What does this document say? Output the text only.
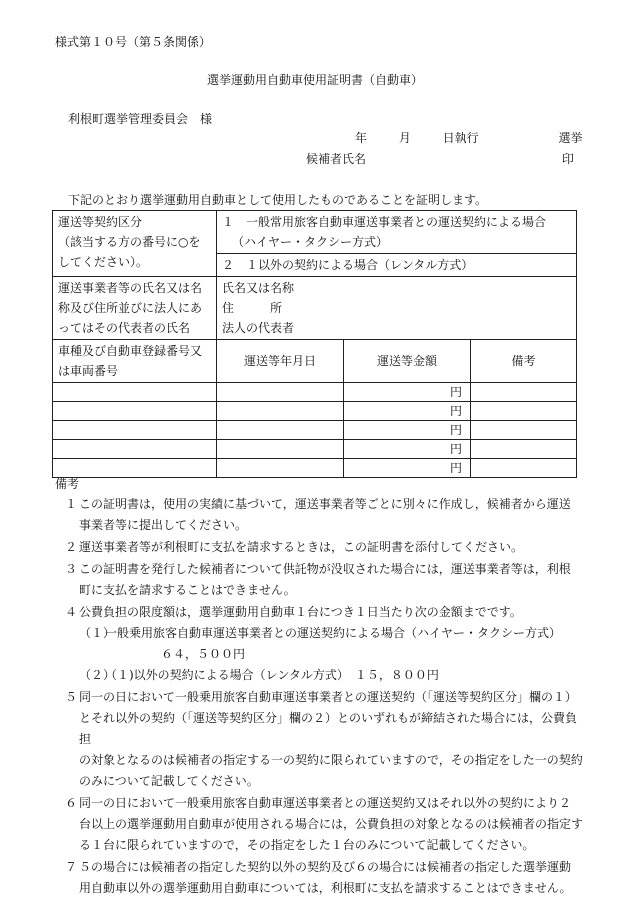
様式第１０号（第５条関係）
選挙運動用自動車使用証明書（自動車）
利根町選挙管理委員会　様
年	月	日執行	選挙
候補者氏名	印
下記のとおり選挙運動用自動車として使用したものであることを証明します。
運送等契約区分
（該当する方の番号に○を
してください）。	１　一般常用旅客自動車運送事業者との運送契約による場合
（ハイヤー・タクシー方式）		

	２　１以外の契約による場合（レンタル方式）		

運送事業者等の氏名又は名
称及び住所並びに法人にあ
ってはその代表者の氏名	氏名又は名称
住　　　所
法人の代表者		

車種及び自動車登録番号又
は車両番号	運送等年月日	運送等金額	備考
		円	
		円	
		円	
		円	
		円	
備考
１ この証明書は，使用の実績に基づいて，運送事業者等ごとに別々に作成し，候補者から運送
事業者等に提出してください。
２ 運送事業者等が利根町に支払を請求するときは，この証明書を添付してください。
３ この証明書を発行した候補者について供託物が没収された場合には，運送事業者等は，利根
町に支払を請求することはできません。
４ 公費負担の限度額は，選挙運動用自動車１台につき１日当たり次の金額までです。
（１）
一般乗用旅客自動車運送事業者との運送契約による場合（ハイヤー・タクシー方式）
６４，５００円
（２）
（１)以外の契約による場合（レンタル方式）　１５，８００円
５ 同一の日において一般乗用旅客自動車運送事業者との運送契約（「運送等契約区分」欄の１）
とそれ以外の契約（「運送等契約区分」欄の２）とのいずれもが締結された場合には，公費負担
の対象となるのは候補者の指定する一の契約に限られていますので，その指定をした一の契約
のみについて記載してください。
６ 同一の日において一般乗用旅客自動車運送事業者との運送契約又はそれ以外の契約により２
台以上の選挙運動用自動車が使用される場合には，公費負担の対象となるのは候補者の指定す
る１台に限られていますので，その指定をした１台のみについて記載してください。
７ ５の場合には候補者の指定した契約以外の契約及び６の場合には候補者の指定した選挙運動
用自動車以外の選挙運動用自動車については，利根町に支払を請求することはできません。
